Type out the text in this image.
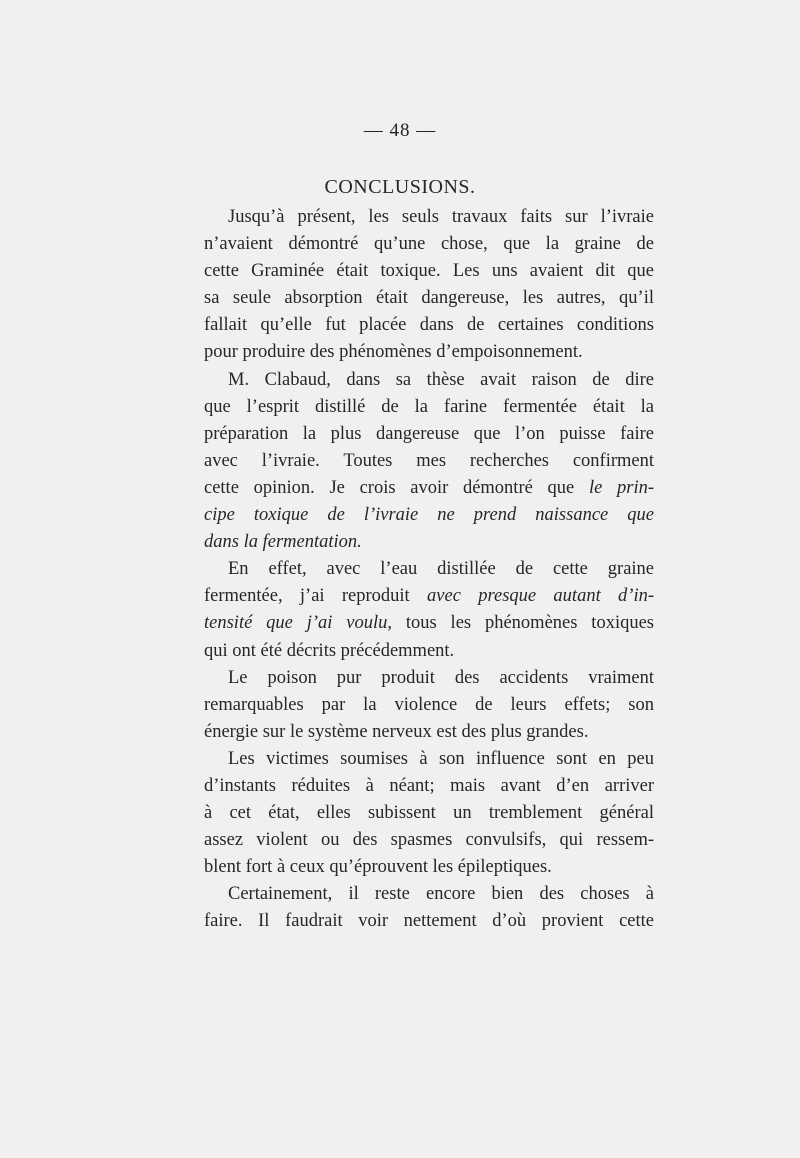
— 48 —
CONCLUSIONS.
Jusqu’à présent, les seuls travaux faits sur l’ivraie
n’avaient démontré qu’une chose, que la graine de
cette Graminée était toxique. Les uns avaient dit que
sa seule absorption était dangereuse, les autres, qu’il
fallait qu’elle fut placée dans de certaines conditions
pour produire des phénomènes d’empoisonnement.
M. Clabaud, dans sa thèse avait raison de dire
que l’esprit distillé de la farine fermentée était la
préparation la plus dangereuse que l’on puisse faire
avec l’ivraie. Toutes mes recherches confirment
cette opinion. Je crois avoir démontré que le prin-
cipe toxique de l’ivraie ne prend naissance que
dans la fermentation.
En effet, avec l’eau distillée de cette graine
fermentée, j’ai reproduit avec presque autant d’in-
tensité que j’ai voulu, tous les phénomènes toxiques
qui ont été décrits précédemment.
Le poison pur produit des accidents vraiment
remarquables par la violence de leurs effets; son
énergie sur le système nerveux est des plus grandes.
Les victimes soumises à son influence sont en peu
d’instants réduites à néant; mais avant d’en arriver
à cet état, elles subissent un tremblement général
assez violent ou des spasmes convulsifs, qui ressem-
blent fort à ceux qu’éprouvent les épileptiques.
Certainement, il reste encore bien des choses à
faire. Il faudrait voir nettement d’où provient cette
